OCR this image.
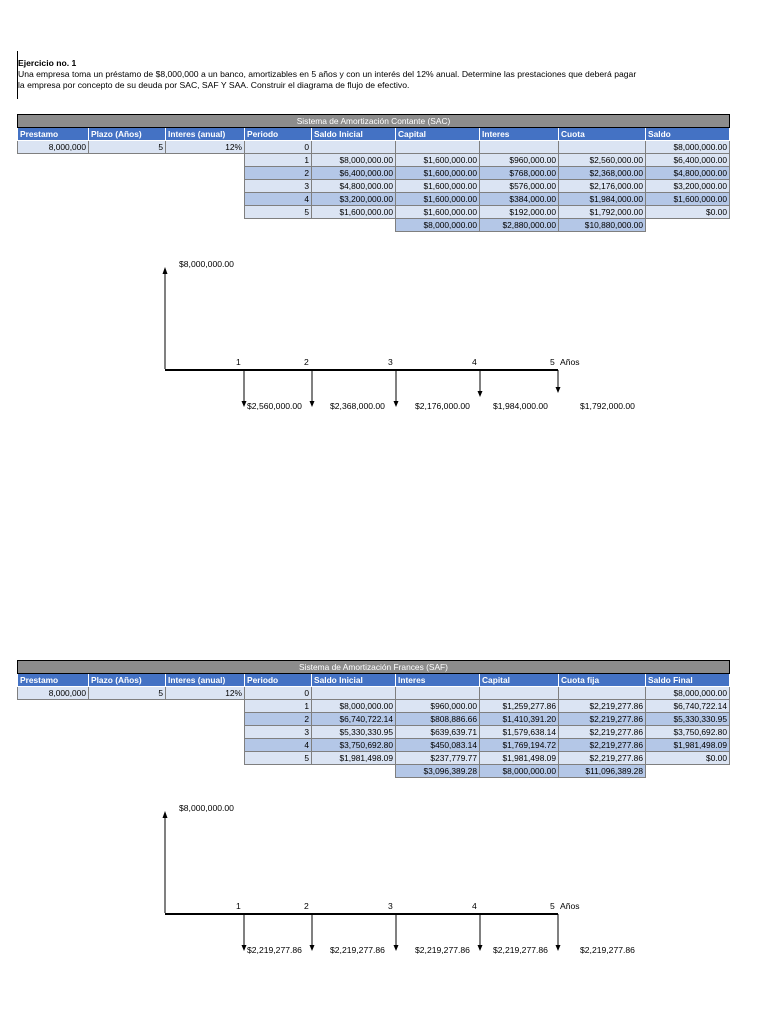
Ejercicio no. 1
Una empresa toma un préstamo de $8,000,000 a un banco, amortizables en 5 años y con un interés del 12% anual. Determine las prestaciones que deberá pagar
la empresa por concepto de su deuda por SAC, SAF Y SAA. Construir el diagrama de flujo de efectivo.
Sistema de Amortización Contante (SAC)								
Prestamo	Plazo (Años)	Interes (anual)	Periodo	Saldo Inicial	Capital	Interes	Cuota	Saldo
8,000,000	5	12%	0					$8,000,000.00
			1	$8,000,000.00	$1,600,000.00	$960,000.00	$2,560,000.00	$6,400,000.00
			2	$6,400,000.00	$1,600,000.00	$768,000.00	$2,368,000.00	$4,800,000.00
			3	$4,800,000.00	$1,600,000.00	$576,000.00	$2,176,000.00	$3,200,000.00
			4	$3,200,000.00	$1,600,000.00	$384,000.00	$1,984,000.00	$1,600,000.00
			5	$1,600,000.00	$1,600,000.00	$192,000.00	$1,792,000.00	$0.00
					$8,000,000.00	$2,880,000.00	$10,880,000.00	
$8,000,000.00
1	2	3	4	5 Años
$2,560,000.00	$2,368,000.00	$2,176,000.00	$1,984,000.00	$1,792,000.00
Sistema de Amortización Frances (SAF)								
Prestamo	Plazo (Años)	Interes (anual)	Periodo	Saldo Inicial	Interes	Capital	Cuota fija	Saldo Final
8,000,000	5	12%	0					$8,000,000.00
			1	$8,000,000.00	$960,000.00	$1,259,277.86	$2,219,277.86	$6,740,722.14
			2	$6,740,722.14	$808,886.66	$1,410,391.20	$2,219,277.86	$5,330,330.95
			3	$5,330,330.95	$639,639.71	$1,579,638.14	$2,219,277.86	$3,750,692.80
			4	$3,750,692.80	$450,083.14	$1,769,194.72	$2,219,277.86	$1,981,498.09
			5	$1,981,498.09	$237,779.77	$1,981,498.09	$2,219,277.86	$0.00
					$3,096,389.28	$8,000,000.00	$11,096,389.28	
$8,000,000.00
1	2	3	4	5 Años
$2,219,277.86	$2,219,277.86	$2,219,277.86	$2,219,277.86	$2,219,277.86
